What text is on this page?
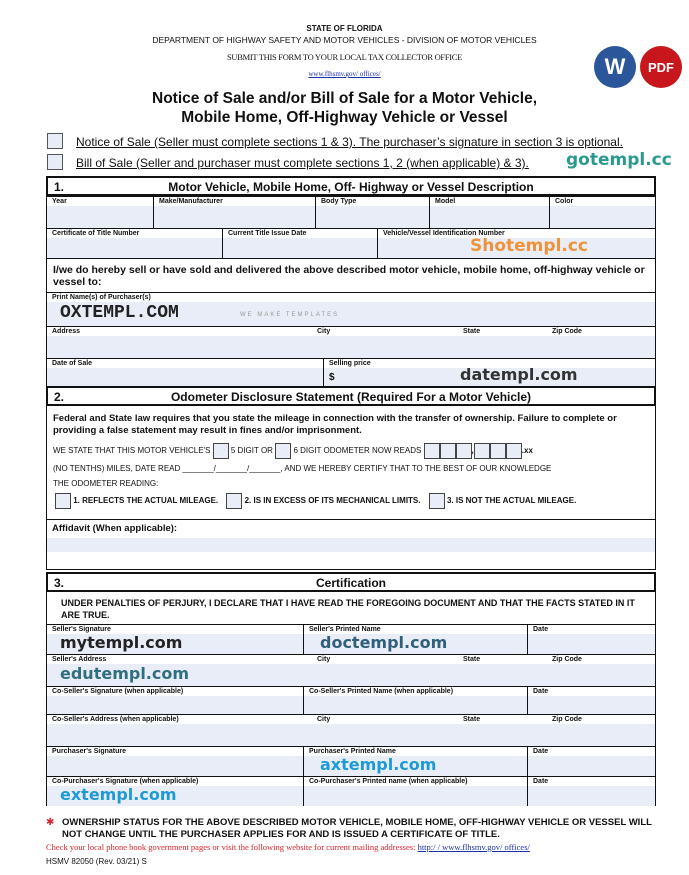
STATE OF FLORIDA
DEPARTMENT OF HIGHWAY SAFETY AND MOTOR VEHICLES - DIVISION OF MOTOR VEHICLES
SUBMIT THIS FORM TO YOUR LOCAL TAX COLLECTOR OFFICE
www.flhsmv.gov/ offices/
Notice of Sale and/or Bill of Sale for a Motor Vehicle,
Mobile Home, Off-Highway Vehicle or Vessel
Notice of Sale (Seller must complete sections 1 & 3). The purchaser’s signature in section 3 is optional.
Bill of Sale (Seller and purchaser must complete sections 1, 2 (when applicable) & 3).
1.	Motor Vehicle, Mobile Home, Off- Highway or Vessel Description
Year	Make/Manufacturer	Body Type	Model	Color
Certificate of Title Number	Current Title Issue Date	Vehicle/Vessel Identification Number
I/we do hereby sell or have sold and delivered the above described motor vehicle, mobile home, off-highway vehicle or vessel to:
Print Name(s) of Purchaser(s)
Address	City	State	Zip Code
Date of Sale	Selling price
$
2.	Odometer Disclosure Statement (Required For a Motor Vehicle)
Federal and State law requires that you state the mileage in connection with the transfer of ownership. Failure to complete or providing a false statement may result in fines and/or imprisonment.
WE STATE THAT THIS MOTOR VEHICLE'S	5 DIGIT OR	6 DIGIT ODOMETER NOW READS	,	.xx
(NO TENTHS) MILES, DATE READ _______/_______/_______, AND WE HEREBY CERTIFY THAT TO THE BEST OF OUR KNOWLEDGE
THE ODOMETER READING:
1. REFLECTS THE ACTUAL MILEAGE.	2. IS IN EXCESS OF ITS MECHANICAL LIMITS.	3. IS NOT THE ACTUAL MILEAGE.
Affidavit (When applicable):
3.	Certification
UNDER PENALTIES OF PERJURY, I DECLARE THAT I HAVE READ THE FOREGOING DOCUMENT AND THAT THE FACTS STATED IN IT ARE TRUE.
Seller's Signature	Seller's Printed Name	Date
Seller's Address	City	State	Zip Code
Co-Seller's Signature (when applicable)	Co-Seller's Printed Name (when applicable)	Date
Co-Seller's Address (when applicable)	City	State	Zip Code
Purchaser's Signature	Purchaser's Printed Name	Date
Co-Purchaser's Signature (when applicable)	Co-Purchaser's Printed name (when applicable)	Date
✱ OWNERSHIP STATUS FOR THE ABOVE DESCRIBED MOTOR VEHICLE, MOBILE HOME, OFF-HIGHWAY VEHICLE OR VESSEL WILL NOT CHANGE UNTIL THE PURCHASER APPLIES FOR AND IS ISSUED A CERTIFICATE OF TITLE.
Check your local phone book government pages or visit the following website for current mailing addresses: http:/ / www.flhsmv.gov/ offices/
HSMV 82050 (Rev. 03/21) S
W	PDF
gotempl.cc
Shotempl.cc
OXTEMPL.COM	WE MAKE TEMPLATES
datempl.com
mytempl.com	doctempl.com
edutempl.com
axtempl.com
extempl.com
